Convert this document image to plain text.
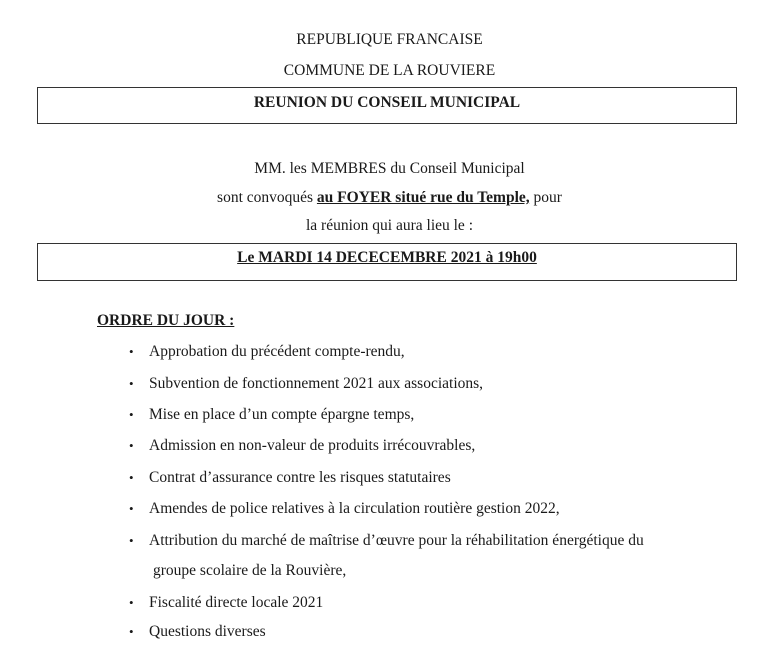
REPUBLIQUE FRANCAISE
COMMUNE DE LA ROUVIERE
REUNION DU CONSEIL MUNICIPAL
MM. les MEMBRES du Conseil Municipal
sont convoqués au FOYER situé rue du Temple, pour
la réunion qui aura lieu le :
Le MARDI 14 DECECEMBRE 2021 à 19h00
ORDRE DU JOUR :
• Approbation du précédent compte-rendu,
• Subvention de fonctionnement 2021 aux associations,
• Mise en place d’un compte épargne temps,
• Admission en non-valeur de produits irrécouvrables,
• Contrat d’assurance contre les risques statutaires
• Amendes de police relatives à la circulation routière gestion 2022,
• Attribution du marché de maîtrise d’œuvre pour la réhabilitation énergétique du
groupe scolaire de la Rouvière,
• Fiscalité directe locale 2021
• Questions diverses
